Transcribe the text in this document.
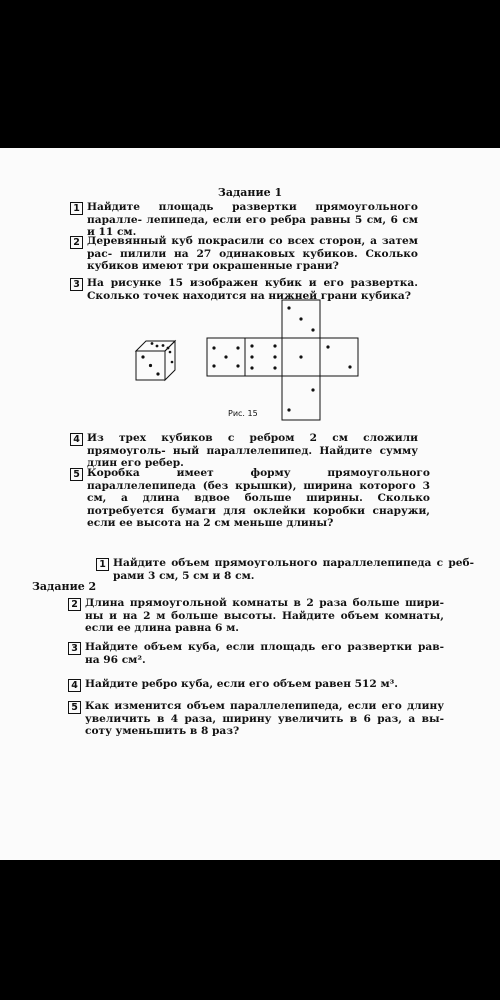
Задание 1
1 Найдите площадь развертки прямоугольного паралле- лепипеда, если его ребра равны 5 см, 6 см и 11 см.
2 Деревянный куб покрасили со всех сторон, а затем рас- пилили на 27 одинаковых кубиков. Сколько кубиков имеют три окрашенные грани?
3 На рисунке 15 изображен кубик и его развертка. Сколько точек находится на нижней грани кубика?
Рис. 15
4 Из трех кубиков с ребром 2 см сложили прямоуголь- ный параллелепипед. Найдите сумму длин его ребер.
5 Коробка имеет форму прямоугольного параллелепипеда (без крышки), ширина которого 3 см, а длина вдвое больше ширины. Сколько потребуется бумаги для оклейки коробки снаружи, если ее высота на 2 см меньше длины?
1 Найдите объем прямоугольного параллелепипеда с реб- рами 3 см, 5 см и 8 см.
Задание 2
2 Длина прямоугольной комнаты в 2 раза больше шири- ны и на 2 м больше высоты. Найдите объем комнаты, если ее длина равна 6 м.
3 Найдите объем куба, если площадь его развертки рав- на 96 см².
4 Найдите ребро куба, если его объем равен 512 м³.
5 Как изменится объем параллелепипеда, если его длину увеличить в 4 раза, ширину увеличить в 6 раз, а вы- соту уменьшить в 8 раз?
